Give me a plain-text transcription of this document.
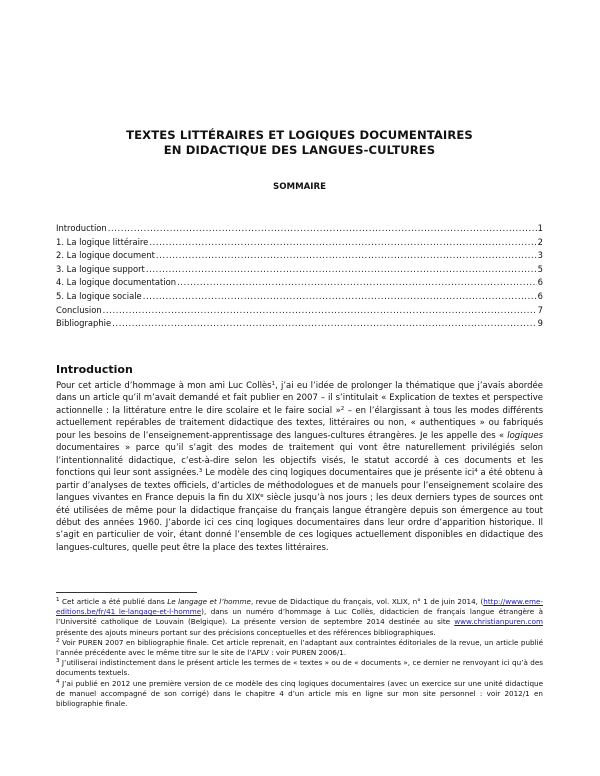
TEXTES LITTÉRAIRES ET LOGIQUES DOCUMENTAIRES
EN DIDACTIQUE DES LANGUES-CULTURES
SOMMAIRE
Introduction .....	1
1. La logique littéraire .....	2
2. La logique document .....	3
3. La logique support .....	5
4. La logique documentation .....	6
5. La logique sociale .....	6
Conclusion .....	7
Bibliographie .....	9
Introduction

Pour cet article d’hommage à mon ami Luc Collès$^1$, j’ai eu l’idée de prolonger la thématique que j’avais abordée dans un article qu’il m’avait demandé et fait publier en 2007 – il s’intitulait « Explication de textes et perspective actionnelle : la littérature entre le dire scolaire et le faire social »$^2$ – en l’élargissant à tous les modes différents actuellement repérables de traitement didactique des textes, littéraires ou non, « authentiques » ou fabriqués pour les besoins de l’enseignement-apprentissage des langues-cultures étrangères. Je les appelle des « logiques documentaires » parce qu’il s’agit des modes de traitement qui vont être naturellement privilégiés selon l’intentionnalité didactique, c’est-à-dire selon les objectifs visés, le statut accordé à ces documents et les fonctions qui leur sont assignées.$^3$ Le modèle des cinq logiques documentaires que je présente ici$^4$ a été obtenu à partir d’analyses de textes officiels, d’articles de méthodologues et de manuels pour l’enseignement scolaire des langues vivantes en France depuis la fin du XIXe siècle jusqu’à nos jours ; les deux derniers types de sources ont été utilisées de même pour la didactique française du français langue étrangère depuis son émergence au tout début des années 1960. J’aborde ici ces cinq logiques documentaires dans leur ordre d’apparition historique. Il s’agit en particulier de voir, étant donné l’ensemble de ces logiques actuellement disponibles en didactique des langues-cultures, quelle peut être la place des textes littéraires.

$^1$ Cet article a été publié dans Le langage et l’homme, revue de Didactique du français, vol. XLIX, n° 1 de juin 2014, (http://www.eme-editions.be/fr/41_le-langage-et-l-homme), dans un numéro d’hommage à Luc Collès, didacticien de français langue étrangère à l’Université catholique de Louvain (Belgique). La présente version de septembre 2014 destinée au site www.christianpuren.com présente des ajouts mineurs portant sur des précisions conceptuelles et des références bibliographiques.

$^2$ Voir PUREN 2007 en bibliographie finale. Cet article reprenait, en l’adaptant aux contraintes éditoriales de la revue, un article publié l’année précédente avec le même titre sur le site de l’APLV : voir PUREN 2006/1.

$^3$ J’utiliserai indistinctement dans le présent article les termes de « textes » ou de « documents », ce dernier ne renvoyant ici qu’à des documents textuels.

$^4$ J’ai publié en 2012 une première version de ce modèle des cinq logiques documentaires (avec un exercice sur une unité didactique de manuel accompagné de son corrigé) dans le chapitre 4 d’un article mis en ligne sur mon site personnel : voir 2012/1 en bibliographie finale.
